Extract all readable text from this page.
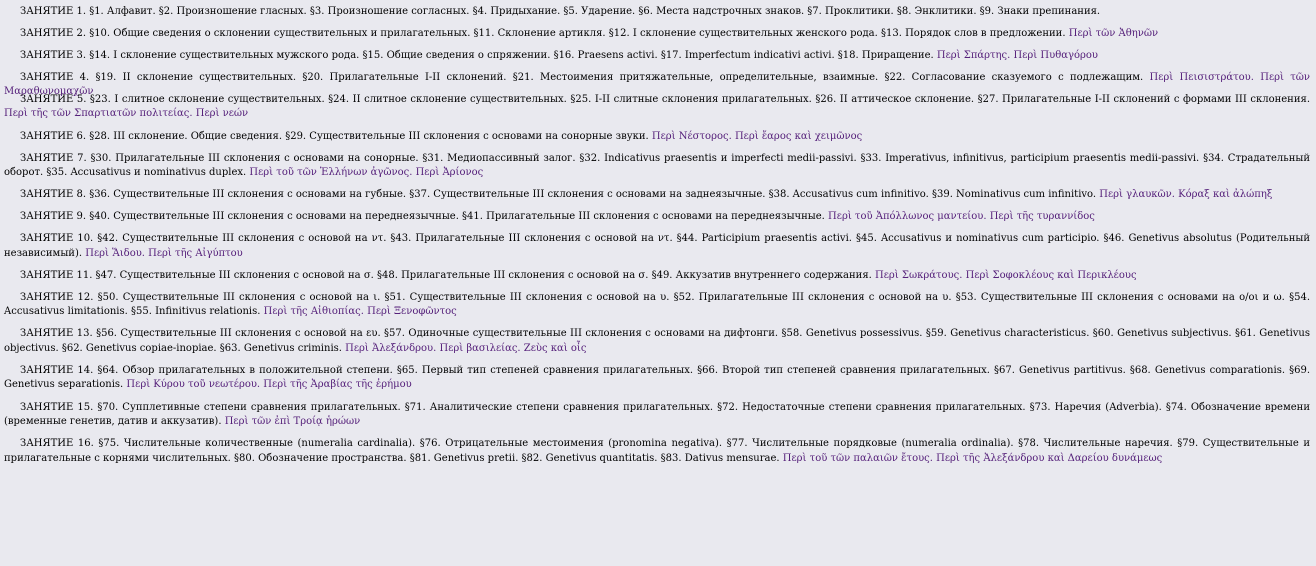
ЗАНЯТИЕ 1. §1. Алфавит. §2. Произношение гласных. §3. Произношение согласных. §4. Придыхание. §5. Ударение. §6. Места надстрочных знаков. §7. Проклитики. §8. Энклитики. §9. Знаки препинания.

ЗАНЯТИЕ 2. §10. Общие сведения о склонении существительных и прилагательных. §11. Склонение артикля. §12. I склонение существительных женского рода. §13. Порядок слов в предложении. Περὶ τῶν Ἀθηνῶν

ЗАНЯТИЕ 3. §14. I склонение существительных мужского рода. §15. Общие сведения о спряжении. §16. Praesens activi. §17. Imperfectum indicativi activi. §18. Приращение. Περὶ Σπάρτης. Περὶ Πυθαγόρου

ЗАНЯТИЕ 4. §19. II склонение существительных. §20. Прилагательные I-II склонений. §21. Местоимения притяжательные, определительные, взаимные. §22. Согласование сказуемого с подлежащим. Περὶ Πεισιστράτου. Περὶ τῶν Μαραθωνομαχῶν

ЗАНЯТИЕ 5. §23. I слитное склонение существительных. §24. II слитное склонение существительных. §25. I-II слитные склонения прилагательных. §26. II аттическое склонение. §27. Прилагательные I-II склонений с формами III склонения. Περὶ τῆς τῶν Σπαρτιατῶν πολιτείας. Περὶ νεών

ЗАНЯТИЕ 6. §28. III склонение. Общие сведения. §29. Существительные III склонения с основами на сонорные звуки. Περὶ Νέστορος. Περὶ ἔαρος καὶ χειμῶνος

ЗАНЯТИЕ 7. §30. Прилагательные III склонения с основами на сонорные. §31. Медиопассивный залог. §32. Indicativus praesentis и imperfecti medii-passivi. §33. Imperativus, infinitivus, participium praesentis medii-passivi. §34. Страдательный оборот. §35. Accusativus и nominativus duplex. Περὶ τοῦ τῶν Ἑλλήνων ἀγῶνος. Περὶ Ἀρίονος

ЗАНЯТИЕ 8. §36. Существительные III склонения с основами на губные. §37. Существительные III склонения с основами на заднеязычные. §38. Accusativus cum infinitivo. §39. Nominativus cum infinitivo. Περὶ γλαυκῶν. Κόραξ καὶ ἀλώπηξ

ЗАНЯТИЕ 9. §40. Существительные III склонения с основами на переднеязычные. §41. Прилагательные III склонения с основами на переднеязычные. Περὶ τοῦ Ἀπόλλωνος μαντείου. Περὶ τῆς τυραννίδος

ЗАНЯТИЕ 10. §42. Существительные III склонения с основой на ντ. §43. Прилагательные III склонения с основой на ντ. §44. Participium praesentis activi. §45. Accusativus и nominativus cum participio. §46. Genetivus absolutus (Родительный независимый). Περὶ Ἅιδου. Περὶ τῆς Αἰγύπτου

ЗАНЯТИЕ 11. §47. Существительные III склонения с основой на σ. §48. Прилагательные III склонения с основой на σ. §49. Аккузатив внутреннего содержания. Περὶ Σωκράτους. Περὶ Σοφοκλέους καὶ Περικλέους

ЗАНЯТИЕ 12. §50. Существительные III склонения с основой на ι. §51. Существительные III склонения с основой на υ. §52. Прилагательные III склонения с основой на υ. §53. Существительные III склонения с основами на ο/οι и ω. §54. Accusativus limitationis. §55. Infinitivus relationis. Περὶ τῆς Αἰθιοπίας. Περὶ Ξενοφῶντος

ЗАНЯТИЕ 13. §56. Существительные III склонения с основой на ευ. §57. Одиночные существительные III склонения с основами на дифтонги. §58. Genetivus possessivus. §59. Genetivus characteristicus. §60. Genetivus subjectivus. §61. Genetivus objectivus. §62. Genetivus copiae-inopiae. §63. Genetivus criminis. Περὶ Ἀλεξάνδρου. Περὶ βασιλείας. Ζεὺς καὶ οἶς

ЗАНЯТИЕ 14. §64. Обзор прилагательных в положительной степени. §65. Первый тип степеней сравнения прилагательных. §66. Второй тип степеней сравнения прилагательных. §67. Genetivus partitivus. §68. Genetivus comparationis. §69. Genetivus separationis. Περὶ Κύρου τοῦ νεωτέρου. Περὶ τῆς Ἀραβίας τῆς ἐρήμου

ЗАНЯТИЕ 15. §70. Супплетивные степени сравнения прилагательных. §71. Аналитические степени сравнения прилагательных. §72. Недостаточные степени сравнения прилагательных. §73. Наречия (Adverbia). §74. Обозначение времени (временные генетив, датив и аккузатив). Περὶ τῶν ἐπὶ Τροίᾳ ἡρώων

ЗАНЯТИЕ 16. §75. Числительные количественные (numeralia cardinalia). §76. Отрицательные местоимения (pronomina negativa). §77. Числительные порядковые (numeralia ordinalia). §78. Числительные наречия. §79. Существительные и прилагательные с корнями числительных. §80. Обозначение пространства. §81. Genetivus pretii. §82. Genetivus quantitatis. §83. Dativus mensurae. Περὶ τοῦ τῶν παλαιῶν ἔτους. Περὶ τῆς Ἀλεξάνδρου καὶ Δαρείου δυνάμεως
